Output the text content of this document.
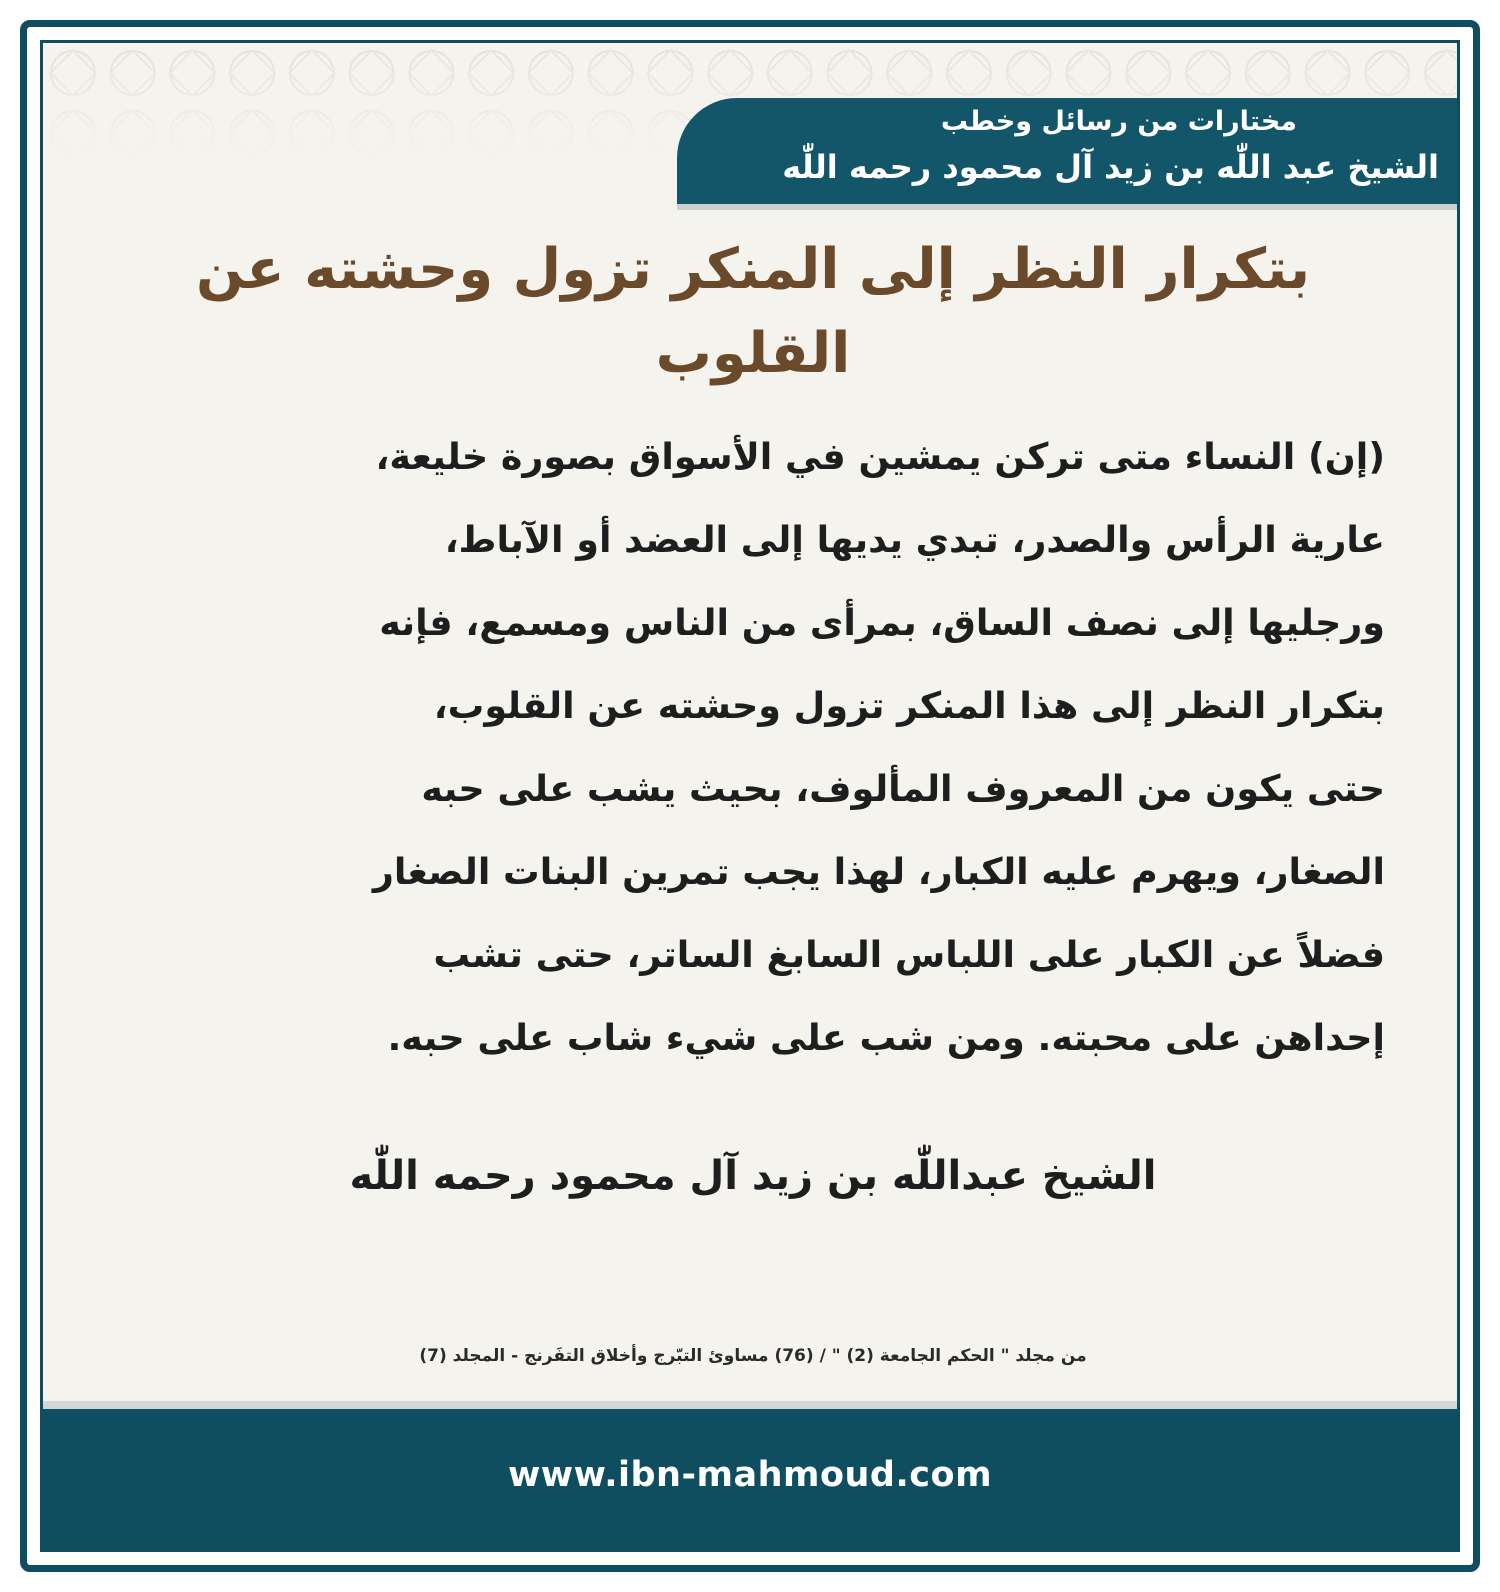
مختارات من رسائل وخطب
الشيخ عبد اللّٰه بن زيد آل محمود رحمه اللّٰه
بتكرار النظر إلى المنكر تزول وحشته عن القلوب
(إن) النساء متى تركن يمشين في الأسواق بصورة خليعة،
عارية الرأس والصدر، تبدي يديها إلى العضد أو الآباط،
ورجليها إلى نصف الساق، بمرأى من الناس ومسمع، فإنه
بتكرار النظر إلى هذا المنكر تزول وحشته عن القلوب،
حتى يكون من المعروف المألوف، بحيث يشب على حبه
الصغار، ويهرم عليه الكبار، لهذا يجب تمرين البنات الصغار
فضلاً عن الكبار على اللباس السابغ الساتر، حتى تشب
إحداهن على محبته. ومن شب على شيء شاب على حبه.
الشيخ عبداللّٰه بن زيد آل محمود رحمه اللّٰه
من مجلد " الحكم الجامعة (2) " / (76) مساوئ التبّرج وأخلاق التفَرنج - المجلد (7)
www.ibn-mahmoud.com
